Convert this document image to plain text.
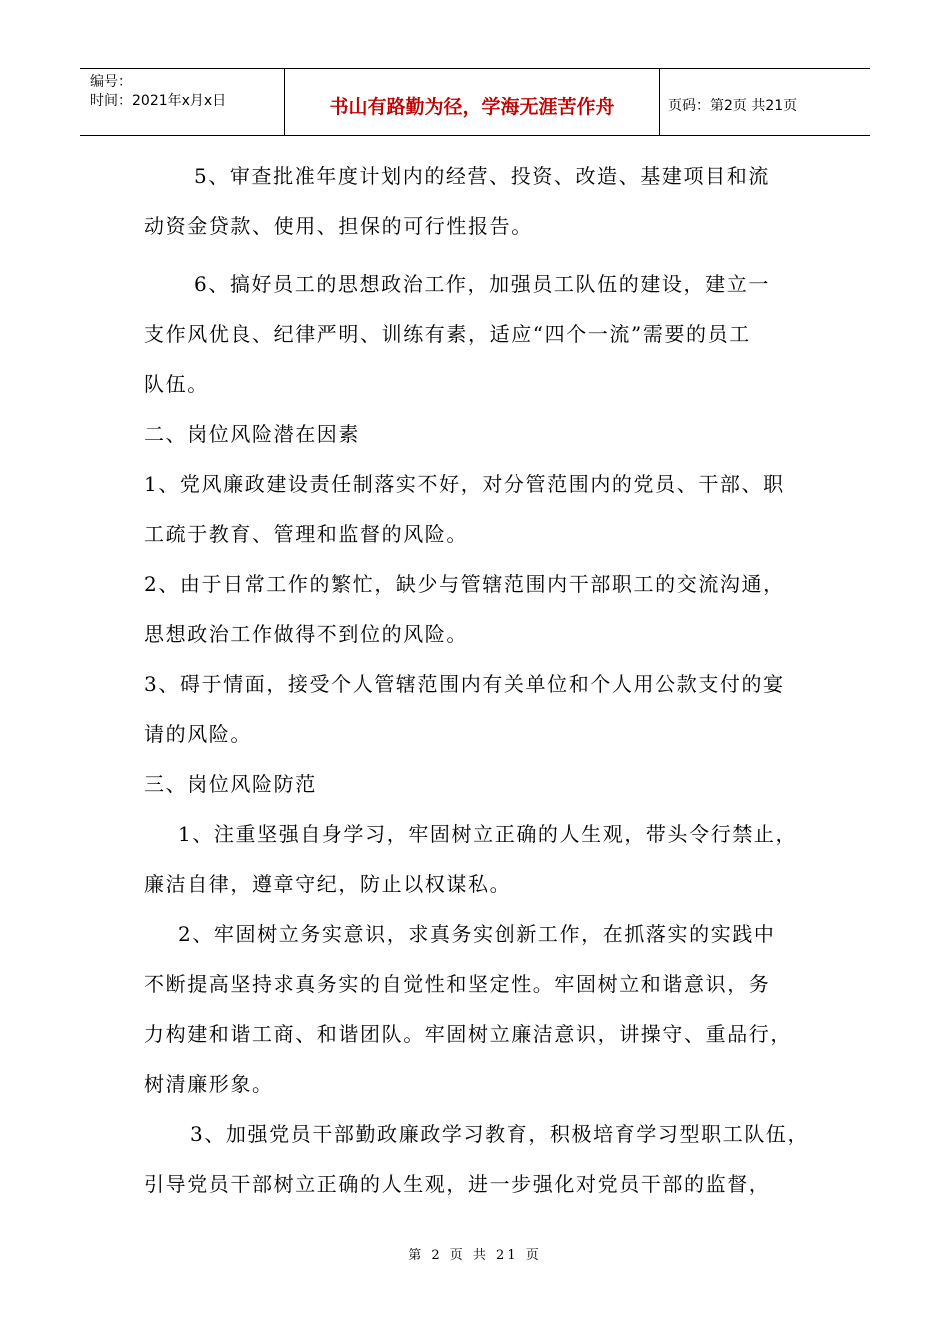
编号：
时间：2021年x月x日	书山有路勤为径，学海无涯苦作舟	页码：第2页 共21页
5、审查批准年度计划内的经营、投资、改造、基建项目和流
动资金贷款、使用、担保的可行性报告。
6、搞好员工的思想政治工作，加强员工队伍的建设，建立一
支作风优良、纪律严明、训练有素，适应“四个一流”需要的员工
队伍。
二、岗位风险潜在因素
1、党风廉政建设责任制落实不好，对分管范围内的党员、干部、职
工疏于教育、管理和监督的风险。
2、由于日常工作的繁忙，缺少与管辖范围内干部职工的交流沟通，
思想政治工作做得不到位的风险。
3、碍于情面，接受个人管辖范围内有关单位和个人用公款支付的宴
请的风险。
三、岗位风险防范
1、注重坚强自身学习，牢固树立正确的人生观，带头令行禁止，
廉洁自律，遵章守纪，防止以权谋私。
2、牢固树立务实意识，求真务实创新工作，在抓落实的实践中
不断提高坚持求真务实的自觉性和坚定性。牢固树立和谐意识，务
力构建和谐工商、和谐团队。牢固树立廉洁意识，讲操守、重品行，
树清廉形象。
3、加强党员干部勤政廉政学习教育，积极培育学习型职工队伍，
引导党员干部树立正确的人生观，进一步强化对党员干部的监督，
第 2 页 共 21 页
